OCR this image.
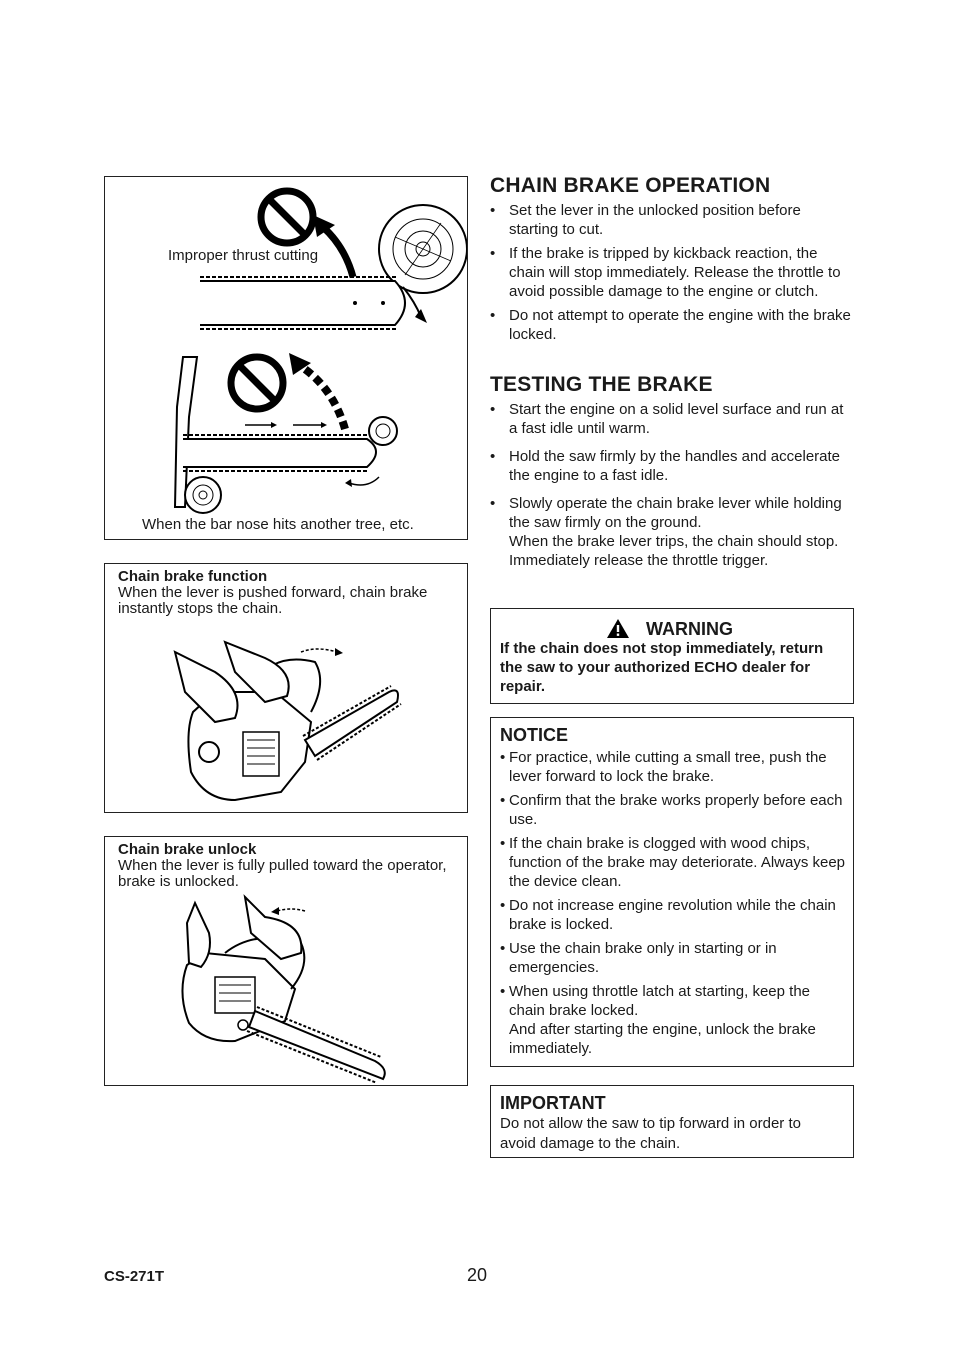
Improper thrust cutting
When the bar nose hits another tree, etc.
Chain brake function
When the lever is pushed forward, chain brake instantly stops the chain.
Chain brake unlock
When the lever is fully pulled toward the operator, brake is unlocked.
CHAIN BRAKE OPERATION
• Set the lever in the unlocked position before starting to cut.
• If the brake is tripped by kickback reaction, the chain will stop immediately. Release the throttle to avoid possible damage to the engine or clutch.
• Do not attempt to operate the engine with the brake locked.
TESTING THE BRAKE
• Start the engine on a solid level surface and run at a fast idle until warm.
• Hold the saw firmly by the handles and accelerate the engine to a fast idle.
• Slowly operate the chain brake lever while holding the saw firmly on the ground.
When the brake lever trips, the chain should stop.
Immediately release the throttle trigger.
WARNING
If the chain does not stop immediately, return the saw to your authorized ECHO dealer for repair.
NOTICE
• For practice, while cutting a small tree, push the lever forward to lock the brake.
• Confirm that the brake works properly before each use.
• If the chain brake is clogged with wood chips, function of the brake may deteriorate. Always keep the device clean.
• Do not increase engine revolution while the chain brake is locked.
• Use the chain brake only in starting or in emergencies.
• When using throttle latch at starting, keep the chain brake locked.
And after starting the engine, unlock the brake immediately.
IMPORTANT
Do not allow the saw to tip forward in order to avoid damage to the chain.
CS-271T	20
